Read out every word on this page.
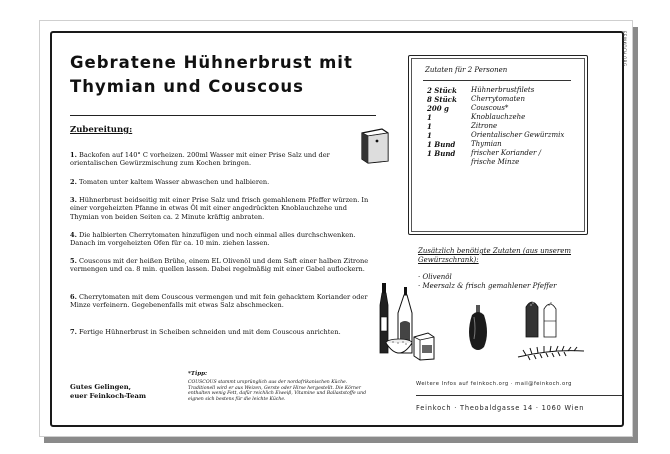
FEINKOCH.ORG
Gebratene Hühnerbrust mit Thymian und Couscous
Zubereitung:
1. Backofen auf 140° C vorheizen. 200ml Wasser mit einer Prise Salz und der orientalischen Gewürzmischung zum Kochen bringen.
2. Tomaten unter kaltem Wasser abwaschen und halbieren.
3. Hühnerbrust beidseitig mit einer Prise Salz und frisch gemahlenem Pfeffer würzen. In einer vorgeheizten Pfanne in etwas Öl mit einer angedrückten Knoblauchzehe und Thymian von beiden Seiten ca. 2 Minute kräftig anbraten.
4. Die halbierten Cherrytomaten hinzufügen und noch einmal alles durchschwenken. Danach im vorgeheizten Ofen für ca. 10 min. ziehen lassen.
5. Couscous mit der heißen Brühe, einem EL Olivenöl und dem Saft einer halben Zitrone vermengen und ca. 8 min. quellen lassen. Dabei regelmäßig mit einer Gabel auflockern.
6. Cherrytomaten mit dem Couscous vermengen und mit fein gehacktem Koriander oder Minze verfeinern. Gegebenenfalls mit etwas Salz abschmecken.
7. Fertige Hühnerbrust in Scheiben schneiden und mit dem Couscous anrichten.
Gutes Gelingen,
euer Feinkoch-Team
*Tipp:
COUSCOUS stammt ursprünglich aus der nordafrikanischen Küche. Traditionell wird er aus Weizen, Gerste oder Hirse hergestellt. Die Körner enthalten wenig Fett, dafür reichlich Eiweiß, Vitamine und Ballaststoffe und eignen sich bestens für die leichte Küche.
Zutaten für 2 Personen
2 Stück	Hühnerbrustfilets
8 Stück	Cherrytomaten
200 g	Couscous*
1	Knoblauchzehe
1	Zitrone
1	Orientalischer Gewürzmix
1 Bund	Thymian
1 Bund	frischer Koriander /
frische Minze
Zusätzlich benötigte Zutaten (aus unserem Gewürzschrank):
· Olivenöl
· Meersalz & frisch gemahlener Pfeffer
Weitere Infos auf feinkoch.org · mail@feinkoch.org
Feinkoch · Theobaldgasse 14 · 1060 Wien
